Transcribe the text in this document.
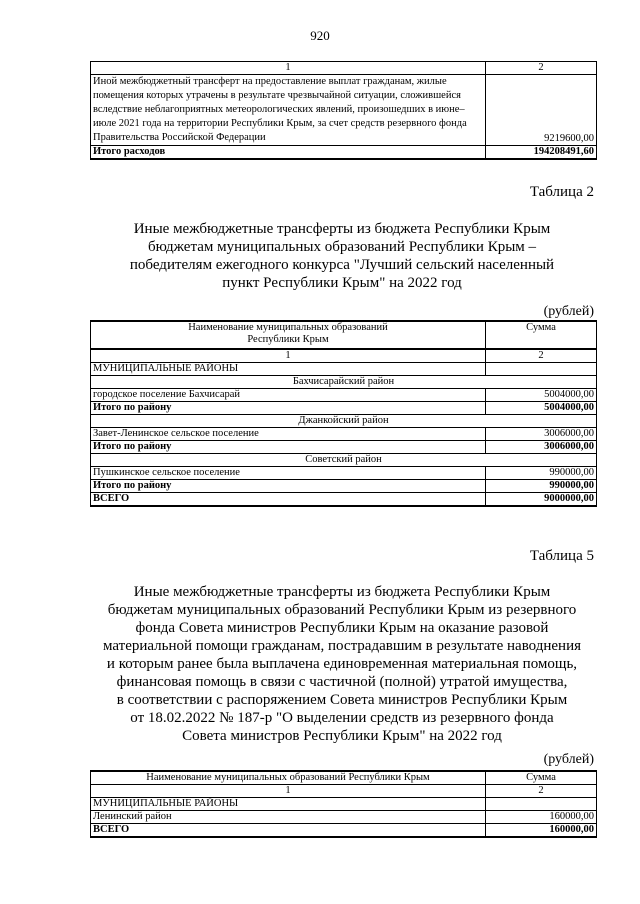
920
1	2
Иной межбюджетный трансферт на предоставление выплат гражданам, жилые помещения которых утрачены в результате чрезвычайной ситуации, сложившейся вследствие неблагоприятных метеорологических явлений, произошедших в июне–июле 2021 года на территории Республики Крым, за счет средств резервного фонда Правительства Российской Федерации	9219600,00
Итого расходов	194208491,60
Таблица 2
Иные межбюджетные трансферты из бюджета Республики Крым
бюджетам муниципальных образований Республики Крым –
победителям ежегодного конкурса "Лучший сельский населенный
пункт Республики Крым" на 2022 год
(рублей)
Наименование муниципальных образований
Республики Крым	Сумма
1	2
МУНИЦИПАЛЬНЫЕ РАЙОНЫ	
Бахчисарайский район	
городское поселение Бахчисарай	5004000,00
Итого по району	5004000,00
Джанкойский район	
Завет-Ленинское сельское поселение	3006000,00
Итого по району	3006000,00
Советский район	
Пушкинское сельское поселение	990000,00
Итого по району	990000,00
ВСЕГО	9000000,00
Таблица 5
Иные межбюджетные трансферты из бюджета Республики Крым
бюджетам муниципальных образований Республики Крым из резервного
фонда Совета министров Республики Крым на оказание разовой
материальной помощи гражданам, пострадавшим в результате наводнения
и которым ранее была выплачена единовременная материальная помощь,
финансовая помощь в связи с частичной (полной) утратой имущества,
в соответствии с распоряжением Совета министров Республики Крым
от 18.02.2022 № 187-р "О выделении средств из резервного фонда
Совета министров Республики Крым" на 2022 год
(рублей)
Наименование муниципальных образований Республики Крым	Сумма
1	2
МУНИЦИПАЛЬНЫЕ РАЙОНЫ	
Ленинский район	160000,00
ВСЕГО	160000,00
